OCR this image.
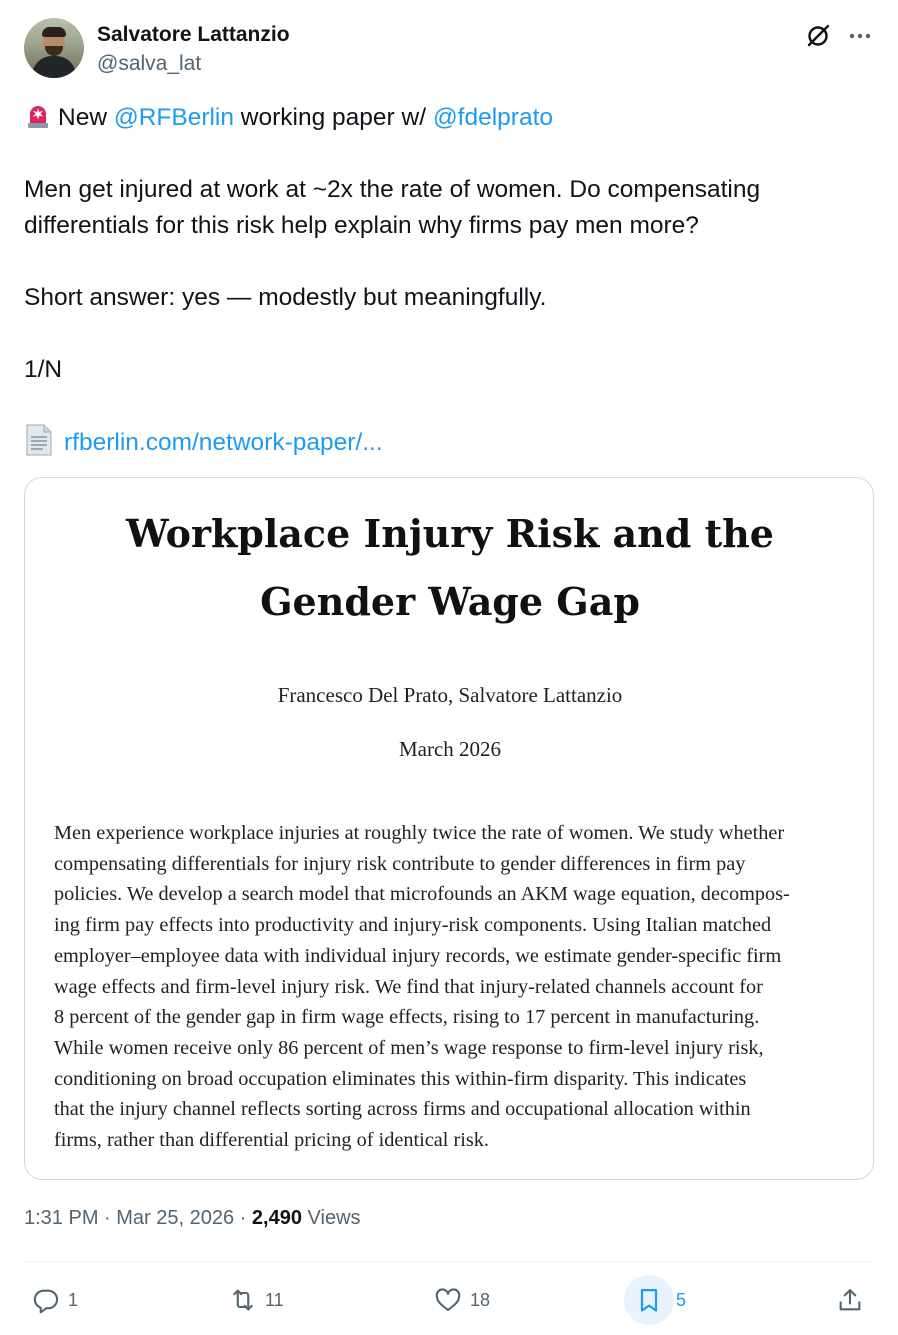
Salvatore Lattanzio
@salva_lat

New @RFBerlin working paper w/ @fdelprato

Men get injured at work at ~2x the rate of women. Do compensating

differentials for this risk help explain why firms pay men more?

Short answer: yes — modestly but meaningfully.

1/N

rfberlin.com/network-paper/...

Workplace Injury Risk and the
Gender Wage Gap
Francesco Del Prato, Salvatore Lattanzio
March 2026
Men experience workplace injuries at roughly twice the rate of women. We study whether
compensating differentials for injury risk contribute to gender differences in firm pay
policies. We develop a search model that microfounds an AKM wage equation, decompos-
ing firm pay effects into productivity and injury-risk components. Using Italian matched
employer–employee data with individual injury records, we estimate gender-specific firm
wage effects and firm-level injury risk. We find that injury-related channels account for
8 percent of the gender gap in firm wage effects, rising to 17 percent in manufacturing.
While women receive only 86 percent of men’s wage response to firm-level injury risk,
conditioning on broad occupation eliminates this within-firm disparity. This indicates
that the injury channel reflects sorting across firms and occupational allocation within
firms, rather than differential pricing of identical risk.
1:31 PM · Mar 25, 2026 · 2,490 Views
1	11	18	5
